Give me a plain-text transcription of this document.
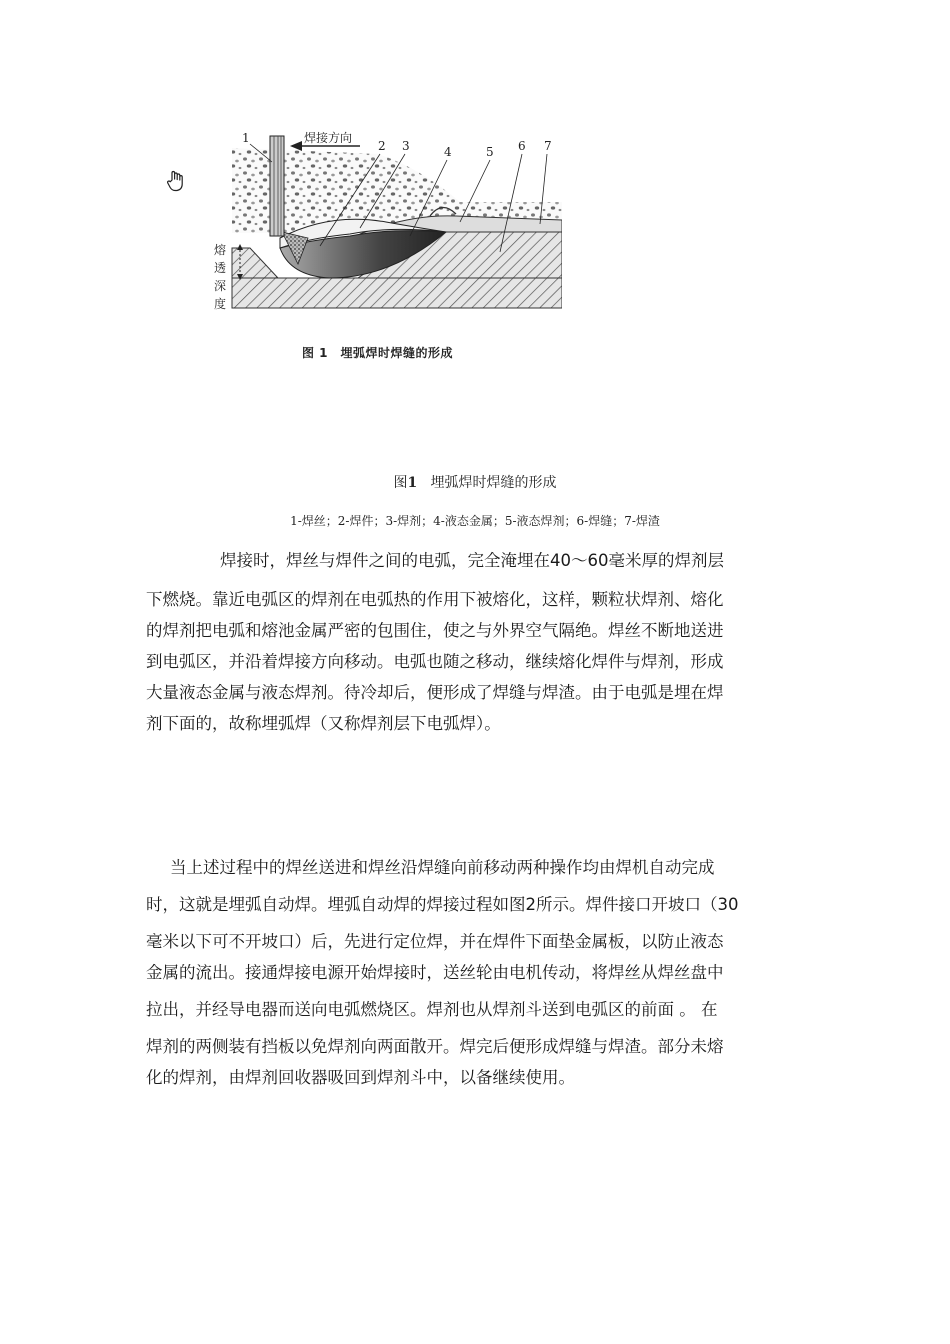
焊接方向
1
2 3	4	5 6 7
熔
透
深
度
图 1　埋弧焊时焊缝的形成
图1 埋弧焊时焊缝的形成
1-焊丝；2-焊件；3-焊剂；4-液态金属；5-液态焊剂；6-焊缝；7-焊渣
焊接时，焊丝与焊件之间的电弧，完全淹埋在40～60毫米厚的焊剂层
下燃烧。靠近电弧区的焊剂在电弧热的作用下被熔化，这样，颗粒状焊剂、熔化
的焊剂把电弧和熔池金属严密的包围住，使之与外界空气隔绝。焊丝不断地送进
到电弧区，并沿着焊接方向移动。电弧也随之移动，继续熔化焊件与焊剂，形成
大量液态金属与液态焊剂。待冷却后，便形成了焊缝与焊渣。由于电弧是埋在焊
剂下面的，故称埋弧焊（又称焊剂层下电弧焊）。
当上述过程中的焊丝送进和焊丝沿焊缝向前移动两种操作均由焊机自动完成
时，这就是埋弧自动焊。埋弧自动焊的焊接过程如图2所示。焊件接口开坡口（30
毫米以下可不开坡口）后，先进行定位焊，并在焊件下面垫金属板，以防止液态
金属的流出。接通焊接电源开始焊接时，送丝轮由电机传动，将焊丝从焊丝盘中
拉出，并经导电器而送向电弧燃烧区。焊剂也从焊剂斗送到电弧区的前面 。 在
焊剂的两侧装有挡板以免焊剂向两面散开。焊完后便形成焊缝与焊渣。部分未熔
化的焊剂，由焊剂回收器吸回到焊剂斗中，以备继续使用。
